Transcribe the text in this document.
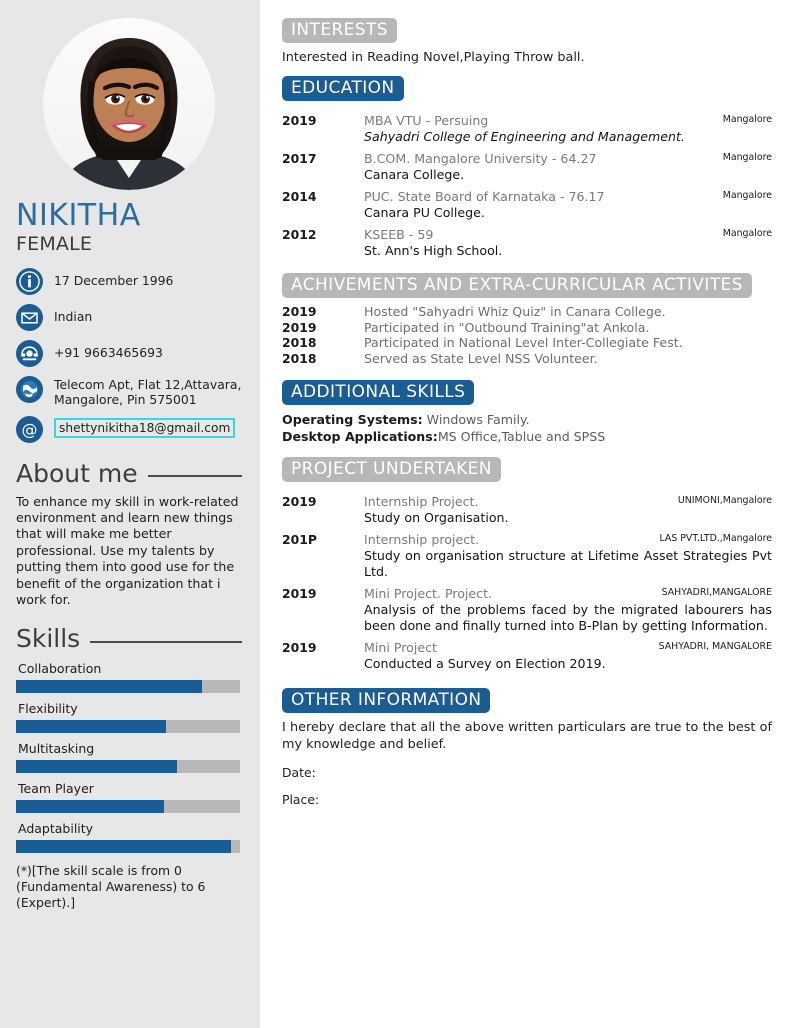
NIKITHA
FEMALE
17 December 1996
Indian
+91 9663465693
Telecom Apt, Flat 12,Attavara, Mangalore, Pin 575001
@	shettynikitha18@gmail.com
About me
To enhance my skill in work-related environment and learn new things that will make me better professional. Use my talents by putting them into good use for the benefit of the organization that i work for.
Skills
Collaboration
Flexibility
Multitasking
Team Player
Adaptability
(*)[The skill scale is from 0 (Fundamental Awareness) to 6 (Expert).]
INTERESTS
Interested in Reading Novel,Playing Throw ball.
EDUCATION
2019	MBA VTU - Persuing	Mangalore
Sahyadri College of Engineering and Management.
2017	B.COM. Mangalore University - 64.27	Mangalore
Canara College.
2014	PUC. State Board of Karnataka - 76.17	Mangalore
Canara PU College.
2012	KSEEB - 59	Mangalore
St. Ann's High School.
ACHIVEMENTS AND EXTRA-CURRICULAR ACTIVITES
2019	Hosted "Sahyadri Whiz Quiz" in Canara College.
2019	Participated in "Outbound Training"at Ankola.
2018	Participated in National Level Inter-Collegiate Fest.
2018	Served as State Level NSS Volunteer.
ADDITIONAL SKILLS
Operating Systems: Windows Family.
Desktop Applications:MS Office,Tablue and SPSS
PROJECT UNDERTAKEN
2019	Internship Project.	UNIMONI,Mangalore
Study on Organisation.
201P	Internship project.	LAS PVT.LTD.,Mangalore
Study on organisation structure at Lifetime Asset Strategies Pvt Ltd.
2019	Mini Project. Project.	SAHYADRI,MANGALORE
Analysis of the problems faced by the migrated labourers has been done and finally turned into B-Plan by getting Information.
2019	Mini Project	SAHYADRI, MANGALORE
Conducted a Survey on Election 2019.
OTHER INFORMATION
I hereby declare that all the above written particulars are true to the best of my knowledge and belief.
Date:
Place:
